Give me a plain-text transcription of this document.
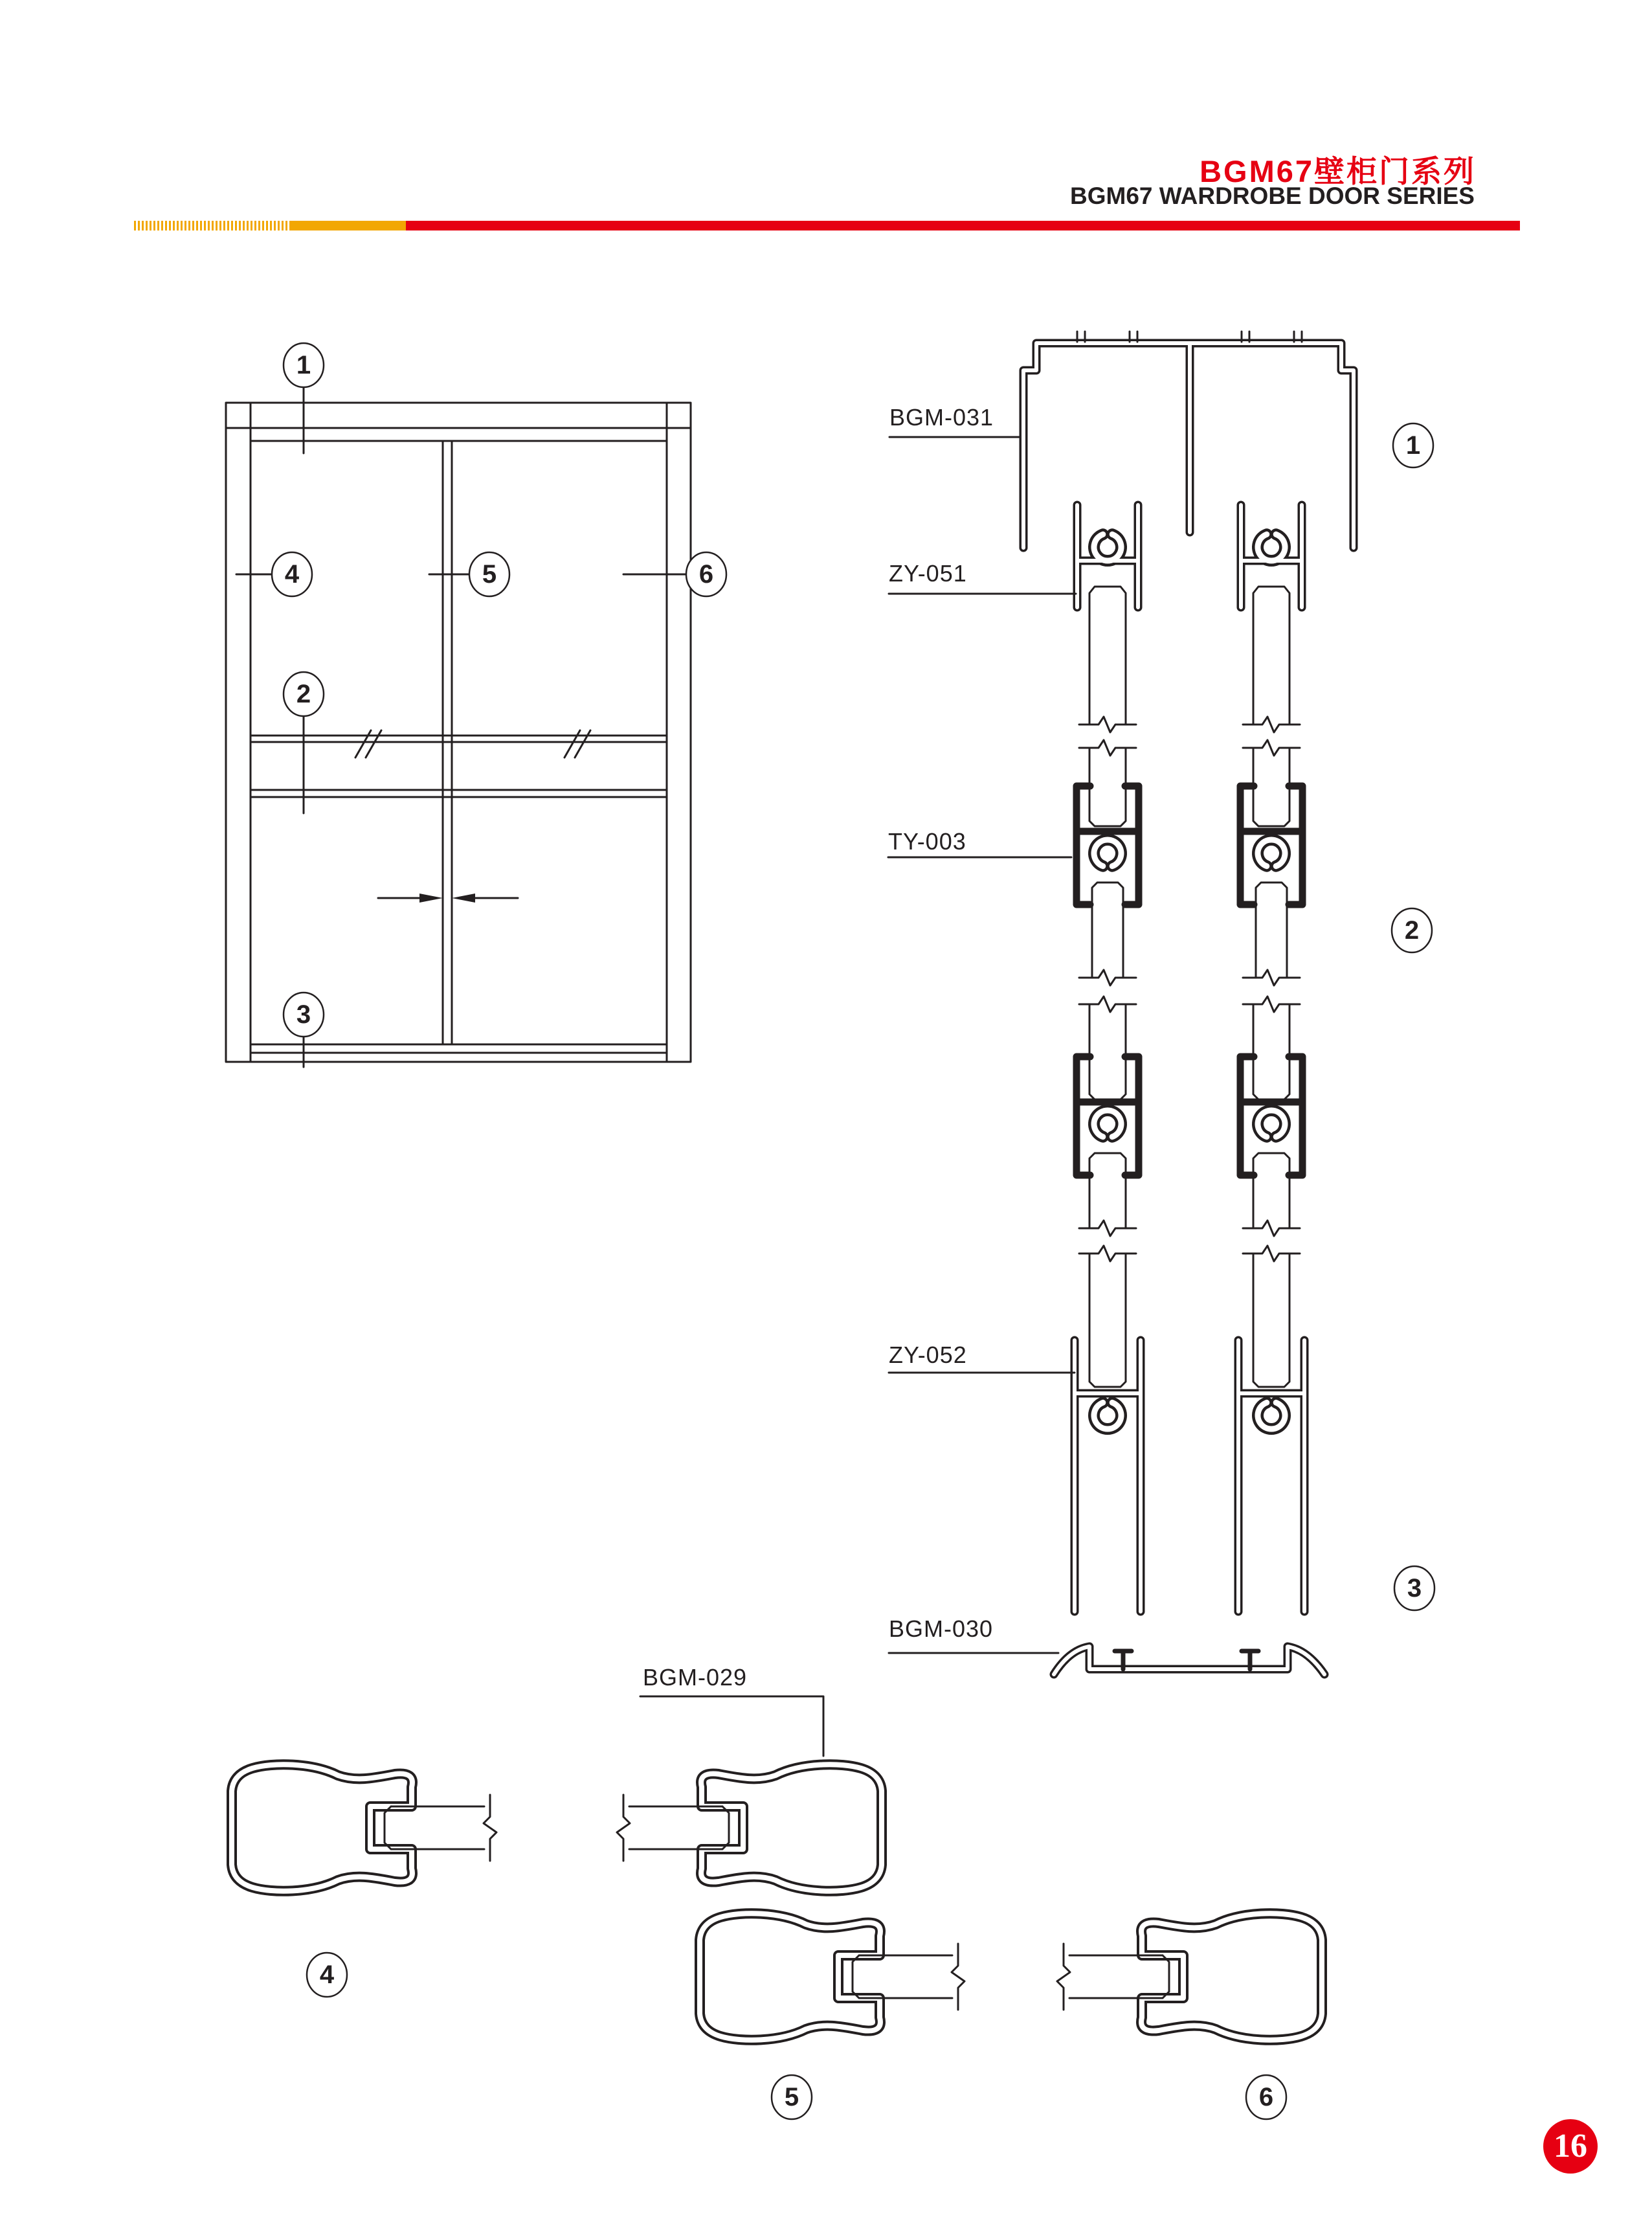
BGM67壁柜门系列
BGM67 WARDROBE DOOR SERIES
BGM-031
ZY-051
TY-003
ZY-052
BGM-030
BGM-029
1
4	5	6
2
3
1
2
3
4
5	6
16
